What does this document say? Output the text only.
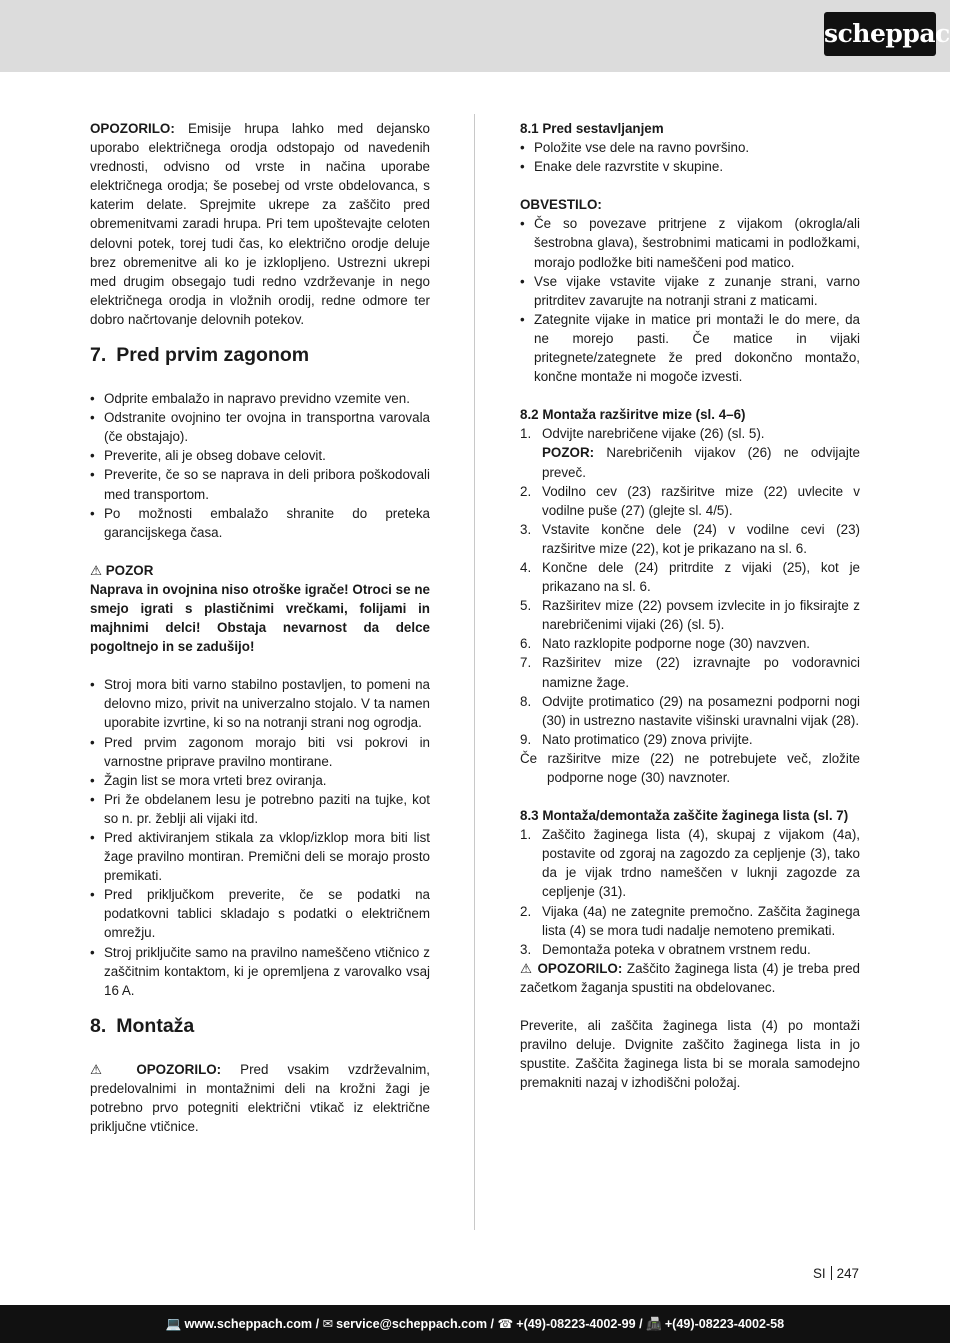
scheppach

OPOZORILO: Emisije hrupa lahko med dejansko uporabo električnega orodja odstopajo od navedenih vrednosti, odvisno od vrste in načina uporabe električnega orodja; še posebej od vrste obdelovanca, s katerim delate. Sprejmite ukrepe za zaščito pred obremenitvami zaradi hrupa. Pri tem upoštevajte celoten delovni potek, torej tudi čas, ko električno orodje deluje brez obremenitve ali ko je izklopljeno. Ustrezni ukrepi med drugim obsegajo tudi redno vzdrževanje in nego električnega orodja in vložnih orodij, redne odmore ter dobro načrtovanje delovnih potekov.

7. Pred prvim zagonom
• Odprite embalažo in napravo previdno vzemite ven.
• Odstranite ovojnino ter ovojna in transportna varovala (če obstajajo).
• Preverite, ali je obseg dobave celovit.
• Preverite, če so se naprava in deli pribora poškodovali med transportom.
• Po možnosti embalažo shranite do preteka garancijskega časa.

⚠ POZOR

Naprava in ovojnina niso otroške igrače! Otroci se ne smejo igrati s plastičnimi vrečkami, folijami in majhnimi delci! Obstaja nevarnost da delce pogoltnejo in se zadušijo!

• Stroj mora biti varno stabilno postavljen, to pomeni na delovno mizo, privit na univerzalno stojalo. V ta namen uporabite izvrtine, ki so na notranji strani nog ogrodja.
• Pred prvim zagonom morajo biti vsi pokrovi in varnostne priprave pravilno montirane.
• Žagin list se mora vrteti brez oviranja.
• Pri že obdelanem lesu je potrebno paziti na tujke, kot so n. pr. žeblji ali vijaki itd.
• Pred aktiviranjem stikala za vklop/izklop mora biti list žage pravilno montiran. Premični deli se morajo prosto premikati.
• Pred priključkom preverite, če se podatki na podatkovni tablici skladajo s podatki o električnem omrežju.
• Stroj priključite samo na pravilno nameščeno vtičnico z zaščitnim kontaktom, ki je opremljena z varovalko vsaj 16 A.
8. Montaža

⚠ OPOZORILO: Pred vsakim vzdrževalnim, predelovalnimi in montažnimi deli na krožni žagi je potrebno prvo potegniti električni vtikač iz električne priključne vtičnice.

8.1 Pred sestavljanjem

• Položite vse dele na ravno površino.
• Enake dele razvrstite v skupine.

OBVESTILO:

• Če so povezave pritrjene z vijakom (okrogla/ali šestrobna glava), šestrobnimi maticami in podložkami, morajo podložke biti nameščeni pod matico.
• Vse vijake vstavite vijake z zunanje strani, varno pritrditev zavarujte na notranji strani z maticami.
• Zategnite vijake in matice pri montaži le do mere, da ne morejo pasti. Če matice in vijaki pritegnete/zategnete že pred dokončno montažo, končne montaže ni mogoče izvesti.

8.2 Montaža razširitve mize (sl. 4–6)

1. Odvijte narebričene vijake (26) (sl. 5).
POZOR: Narebričenih vijakov (26) ne odvijajte preveč.
2. Vodilno cev (23) razširitve mize (22) uvlecite v vodilne puše (27) (glejte sl. 4/5).
3. Vstavite končne dele (24) v vodilne cevi (23) razširitve mize (22), kot je prikazano na sl. 6.
4. Končne dele (24) pritrdite z vijaki (25), kot je prikazano na sl. 6.
5. Razširitev mize (22) povsem izvlecite in jo fiksirajte z narebričenimi vijaki (26) (sl. 5).
6. Nato razklopite podporne noge (30) navzven.
7. Razširitev mize (22) izravnajte po vodoravnici namizne žage.
8. Odvijte protimatico (29) na posamezni podporni nogi (30) in ustrezno nastavite višinski uravnalni vijak (28).
9. Nato protimatico (29) znova privijte.

Če razširitve mize (22) ne potrebujete več, zložite podporne noge (30) navznoter.

8.3 Montaža/demontaža zaščite žaginega lista (sl. 7)

1. Zaščito žaginega lista (4), skupaj z vijakom (4a), postavite od zgoraj na zagozdo za cepljenje (3), tako da je vijak trdno nameščen v luknji zagozde za cepljenje (31).
2. Vijaka (4a) ne zategnite premočno. Zaščita žaginega lista (4) se mora tudi nadalje nemoteno premikati.
3. Demontaža poteka v obratnem vrstnem redu.

⚠ OPOZORILO: Zaščito žaginega lista (4) je treba pred začetkom žaganja spustiti na obdelovanec.

Preverite, ali zaščita žaginega lista (4) po montaži pravilno deluje. Dvignite zaščito žaginega lista in jo spustite. Zaščita žaginega lista bi se morala samodejno premakniti nazaj v izhodiščni položaj.

SI 247
💻 www.scheppach.com / ✉ service@scheppach.com / ☎ +(49)-08223-4002-99 / 📠 +(49)-08223-4002-58
